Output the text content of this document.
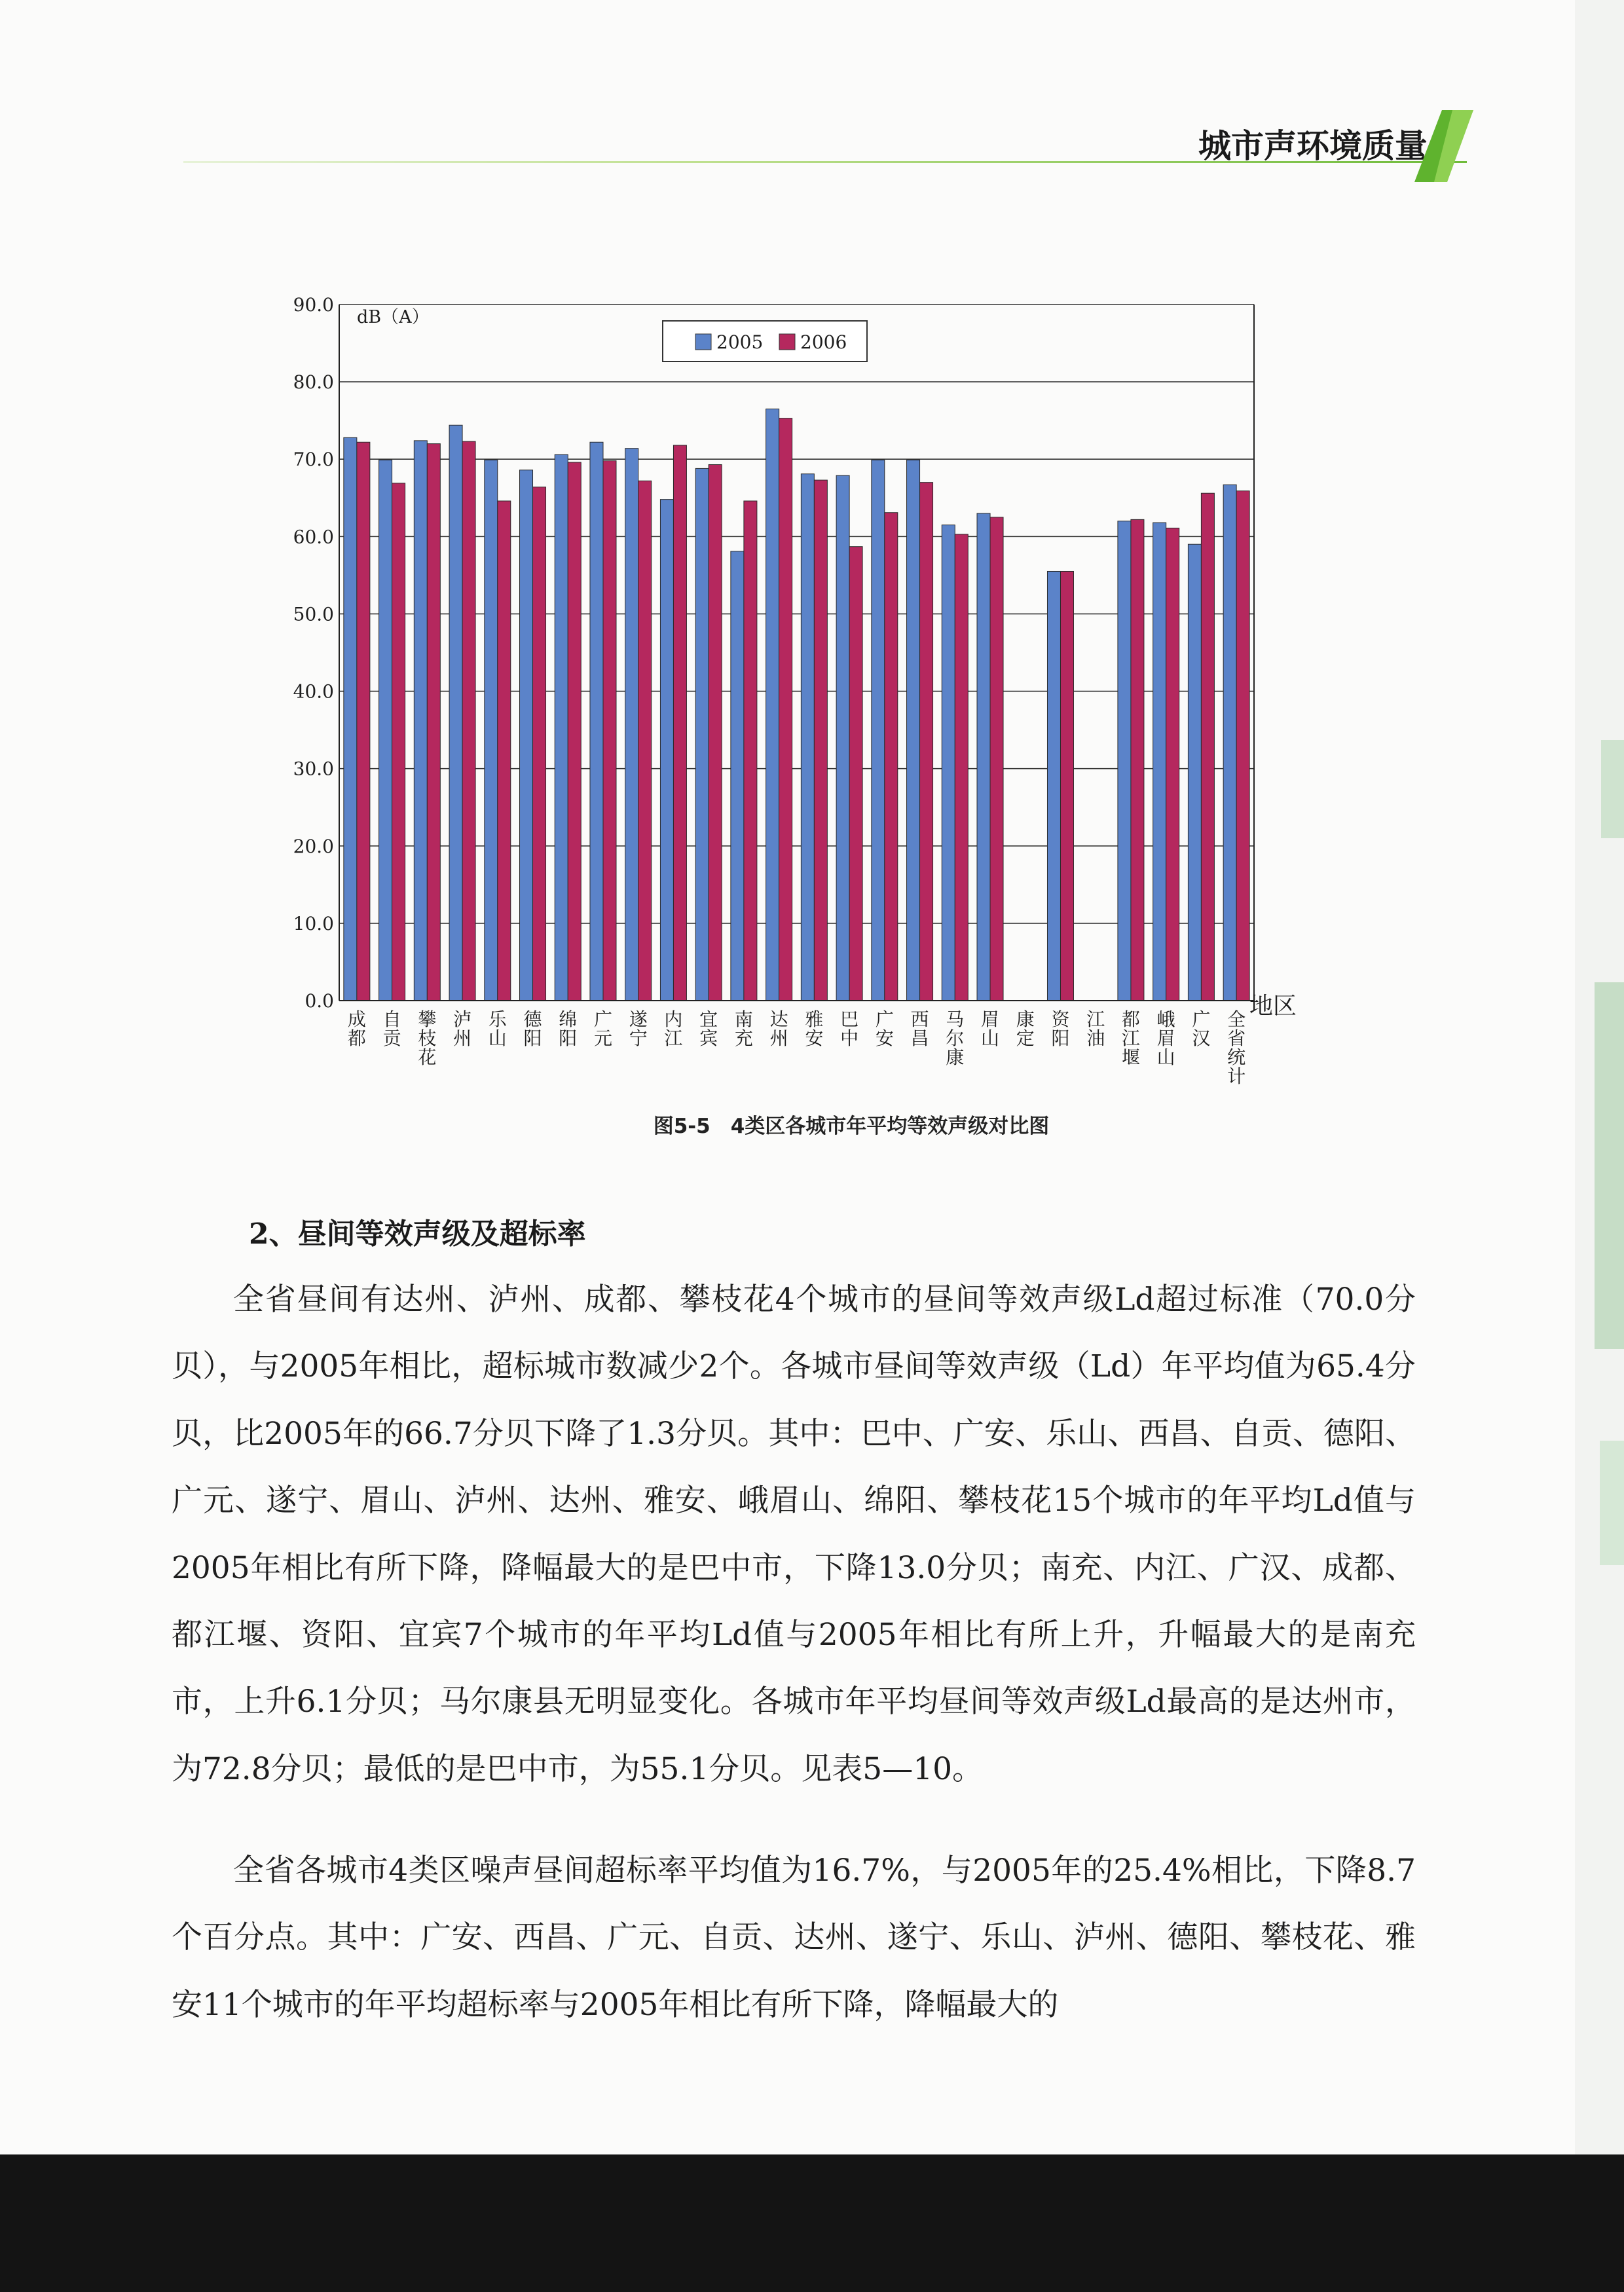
城市声环境质量
0.0
10.0
20.0
30.0
40.0
50.0
60.0
70.0
80.0
90.0
成都
自贡
攀枝花
泸州
乐山
德阳
绵阳
广元
遂宁
内江
宜宾
南充
达州
雅安
巴中
广安
西昌
马尔康
眉山
康定
资阳
江油
都江堰
峨眉山
广汉
全省统计
dB（A）
地区
2005 2006
图5-5　4类区各城市年平均等效声级对比图
2、昼间等效声级及超标率

全省昼间有达州、泸州、成都、攀枝花4个城市的昼间等效声级Ld超过标准（70.0分贝），与2005年相比，超标城市数减少2个。各城市昼间等效声级（Ld）年平均值为65.4分贝，比2005年的66.7分贝下降了1.3分贝。其中：巴中、广安、乐山、西昌、自贡、德阳、广元、遂宁、眉山、泸州、达州、雅安、峨眉山、绵阳、攀枝花15个城市的年平均Ld值与2005年相比有所下降，降幅最大的是巴中市，下降13.0分贝；南充、内江、广汉、成都、都江堰、资阳、宜宾7个城市的年平均Ld值与2005年相比有所上升，升幅最大的是南充市，上升6.1分贝；马尔康县无明显变化。各城市年平均昼间等效声级Ld最高的是达州市，为72.8分贝；最低的是巴中市，为55.1分贝。见表5—10。

全省各城市4类区噪声昼间超标率平均值为16.7%，与2005年的25.4%相比，下降8.7个百分点。其中：广安、西昌、广元、自贡、达州、遂宁、乐山、泸州、德阳、攀枝花、雅安11个城市的年平均超标率与2005年相比有所下降，降幅最大的
